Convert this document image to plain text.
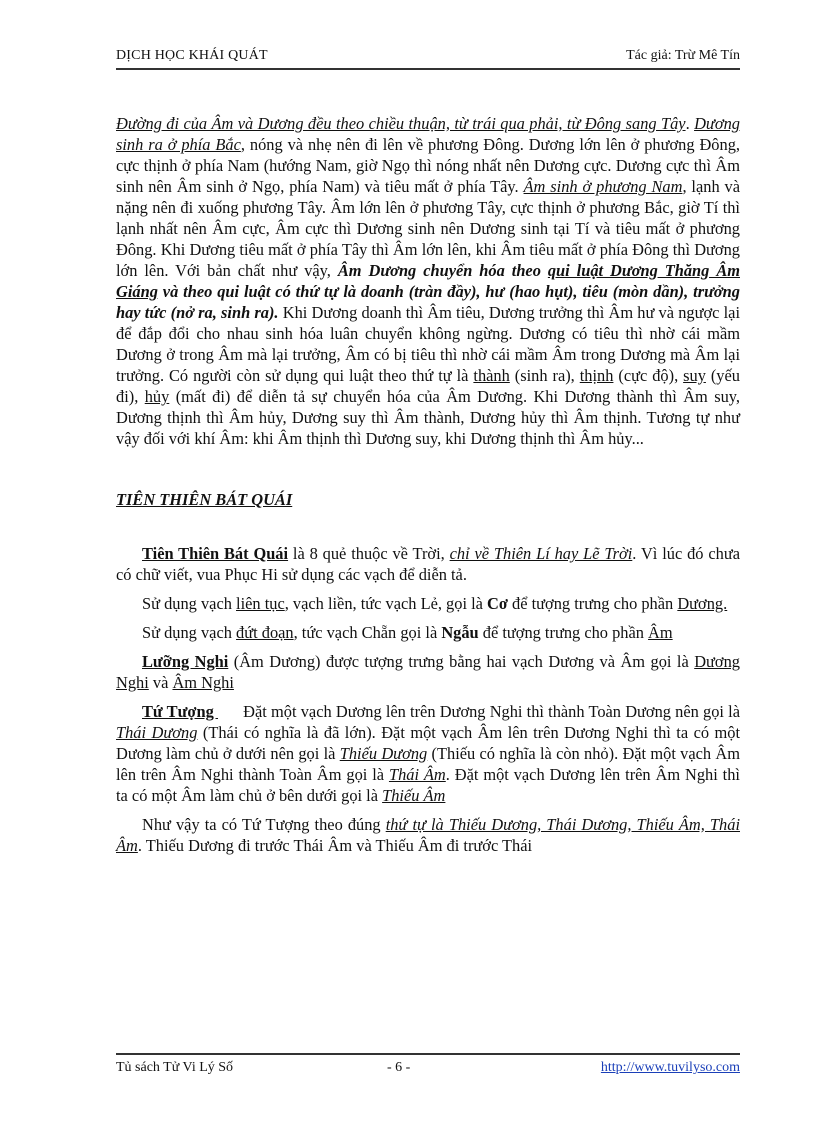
DỊCH HỌC KHÁI QUÁT	Tác giả: Trừ Mê Tín

Đường đi của Âm và Dương đều theo chiều thuận, từ trái qua phải, từ Đông sang Tây. Dương sinh ra ở phía Bắc, nóng và nhẹ nên đi lên về phương Đông. Dương lớn lên ở phương Đông, cực thịnh ở phía Nam (hướng Nam, giờ Ngọ thì nóng nhất nên Dương cực. Dương cực thì Âm sinh nên Âm sinh ở Ngọ, phía Nam) và tiêu mất ở phía Tây. Âm sinh ở phương Nam, lạnh và nặng nên đi xuống phương Tây. Âm lớn lên ở phương Tây, cực thịnh ở phương Bắc, giờ Tí thì lạnh nhất nên Âm cực, Âm cực thì Dương sinh nên Dương sinh tại Tí và tiêu mất ở phương Đông. Khi Dương tiêu mất ở phía Tây thì Âm lớn lên, khi Âm tiêu mất ở phía Đông thì Dương lớn lên. Với bản chất như vậy, Âm Dương chuyển hóa theo qui luật Dương Thăng Âm Giáng và theo qui luật có thứ tự là doanh (tràn đầy), hư (hao hụt), tiêu (mòn dần), trưởng hay tức (nở ra, sinh ra). Khi Dương doanh thì Âm tiêu, Dương trưởng thì Âm hư và ngược lại để đắp đổi cho nhau sinh hóa luân chuyển không ngừng. Dương có tiêu thì nhờ cái mầm Dương ở trong Âm mà lại trưởng, Âm có bị tiêu thì nhờ cái mầm Âm trong Dương mà Âm lại trưởng. Có người còn sử dụng qui luật theo thứ tự là thành (sinh ra), thịnh (cực độ), suy (yếu đi), hủy (mất đi) để diễn tả sự chuyển hóa của Âm Dương. Khi Dương thành thì Âm suy, Dương thịnh thì Âm hủy, Dương suy thì Âm thành, Dương hủy thì Âm thịnh. Tương tự như vậy đối với khí Âm: khi Âm thịnh thì Dương suy, khi Dương thịnh thì Âm hủy...

TIÊN THIÊN BÁT QUÁI

Tiên Thiên Bát Quái là 8 quẻ thuộc về Trời, chỉ về Thiên Lí hay Lẽ Trời. Vì lúc đó chưa có chữ viết, vua Phục Hi sử dụng các vạch để diễn tả.

Sử dụng vạch liên tục, vạch liền, tức vạch Lẻ, gọi là Cơ để tượng trưng cho phần Dương.

Sử dụng vạch đứt đoạn, tức vạch Chẵn gọi là Ngẫu để tượng trưng cho phần Âm

Lưỡng Nghi (Âm Dương) được tượng trưng bằng hai vạch Dương và Âm gọi là Dương Nghi và Âm Nghi

Tứ Tượng       Đặt một vạch Dương lên trên Dương Nghi thì thành Toàn Dương nên gọi là Thái Dương (Thái có nghĩa là đã lớn). Đặt một vạch Âm lên trên Dương Nghi thì ta có một Dương làm chủ ở dưới nên gọi là Thiếu Dương (Thiếu có nghĩa là còn nhỏ). Đặt một vạch Âm lên trên Âm Nghi thành Toàn Âm gọi là Thái Âm. Đặt một vạch Dương lên trên Âm Nghi thì ta có một Âm làm chủ ở bên dưới gọi là Thiếu Âm

Như vậy ta có Tứ Tượng theo đúng thứ tự là Thiếu Dương, Thái Dương, Thiếu Âm, Thái Âm. Thiếu Dương đi trước Thái Âm và Thiếu Âm đi trước Thái

Tủ sách Tử Vi Lý Số	- 6 -	http://www.tuvilyso.com
